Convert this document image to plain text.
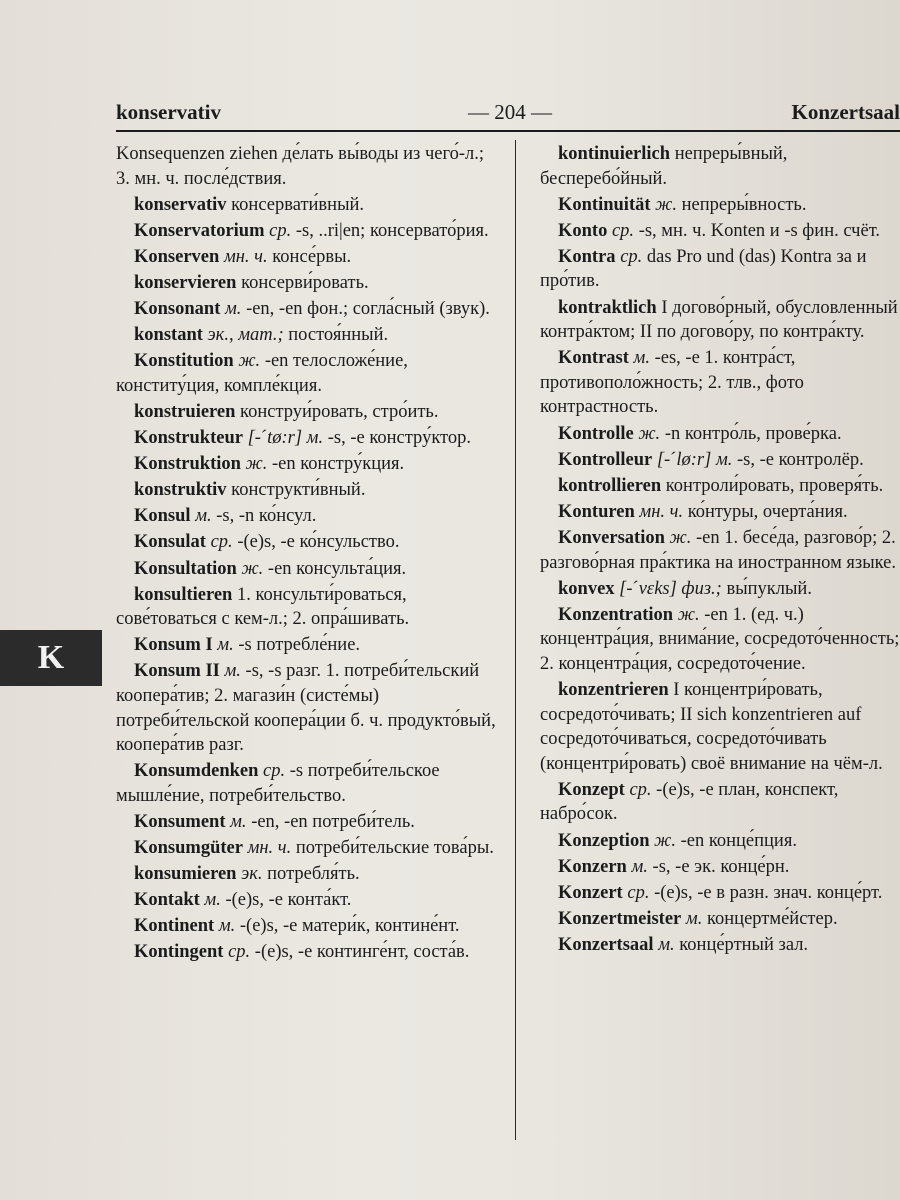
konservativ	— 204 —	Konzertsaal
Konsequenzen ziehen де́лать вы́воды из чего́-л.; 3. мн. ч. после́дствия.
konservativ консервати́вный.
Konservatorium ср. -s, ..ri|en; консервато́рия.
Konserven мн. ч. консе́рвы.
konservieren консерви́ровать.
Konsonant м. -en, -en фон.; согла́сный (звук).
konstant эк., мат.; постоя́нный.
Konstitution ж. -en телосложе́ние, конститу́ция, компле́кция.
konstruieren конструи́ровать, стро́ить.
Konstrukteur [-ˊtø:r] м. -s, -e констру́ктор.
Konstruktion ж. -en констру́кция.
konstruktiv конструкти́вный.
Konsul м. -s, -n ко́нсул.
Konsulat ср. -(e)s, -e ко́нсульство.
Konsultation ж. -en консульта́ция.
konsultieren 1. консульти́роваться, сове́товаться с кем-л.; 2. опра́шивать.
Konsum I м. -s потребле́ние.
Konsum II м. -s, -s разг. 1. потреби́тельский коопера́тив; 2. магази́н (систе́мы) потреби́тельской коопера́ции б. ч. продукто́вый, коопера́тив разг.
Konsumdenken ср. -s потреби́тельское мышле́ние, потреби́тельство.
Konsument м. -en, -en потреби́тель.
Konsumgüter мн. ч. потреби́тельские това́ры.
konsumieren эк. потребля́ть.
Kontakt м. -(e)s, -e конта́кт.
Kontinent м. -(e)s, -e матери́к, контине́нт.
Kontingent ср. -(e)s, -e континге́нт, соста́в.
kontinuierlich непреры́вный, бесперебо́йный.
Kontinuität ж. непреры́вность.
Konto ср. -s, мн. ч. Konten и -s фин. счёт.
Kontra ср. das Pro und (das) Kontra за и про́тив.
kontraktlich I догово́рный, обусловленный контра́ктом; II по догово́ру, по контра́кту.
Kontrast м. -es, -e 1. контра́ст, противополо́жность; 2. тлв., фото контрастность.
Kontrolle ж. -n контро́ль, прове́рка.
Kontrolleur [-ˊlø:r] м. -s, -e контролёр.
kontrollieren контроли́ровать, проверя́ть.
Konturen мн. ч. ко́нтуры, очерта́ния.
Konversation ж. -en 1. бесе́да, разгово́р; 2. разгово́рная пра́ктика на иностранном языке.
konvex [-ˊvɛks] физ.; вы́пуклый.
Konzentration ж. -en 1. (ед. ч.) концентра́ция, внима́ние, сосредото́ченность; 2. концентра́ция, сосредото́чение.
konzentrieren I концентри́ровать, сосредото́чивать; II sich konzentrieren auf сосредото́чиваться, сосредото́чивать (концентри́ровать) своё внимание на чём-л.
Konzept ср. -(e)s, -e план, конспект, набро́сок.
Konzeption ж. -en конце́пция.
Konzern м. -s, -e эк. конце́рн.
Konzert ср. -(e)s, -e в разн. знач. конце́рт.
Konzertmeister м. концертме́йстер.
Konzertsaal м. конце́ртный зал.
K
